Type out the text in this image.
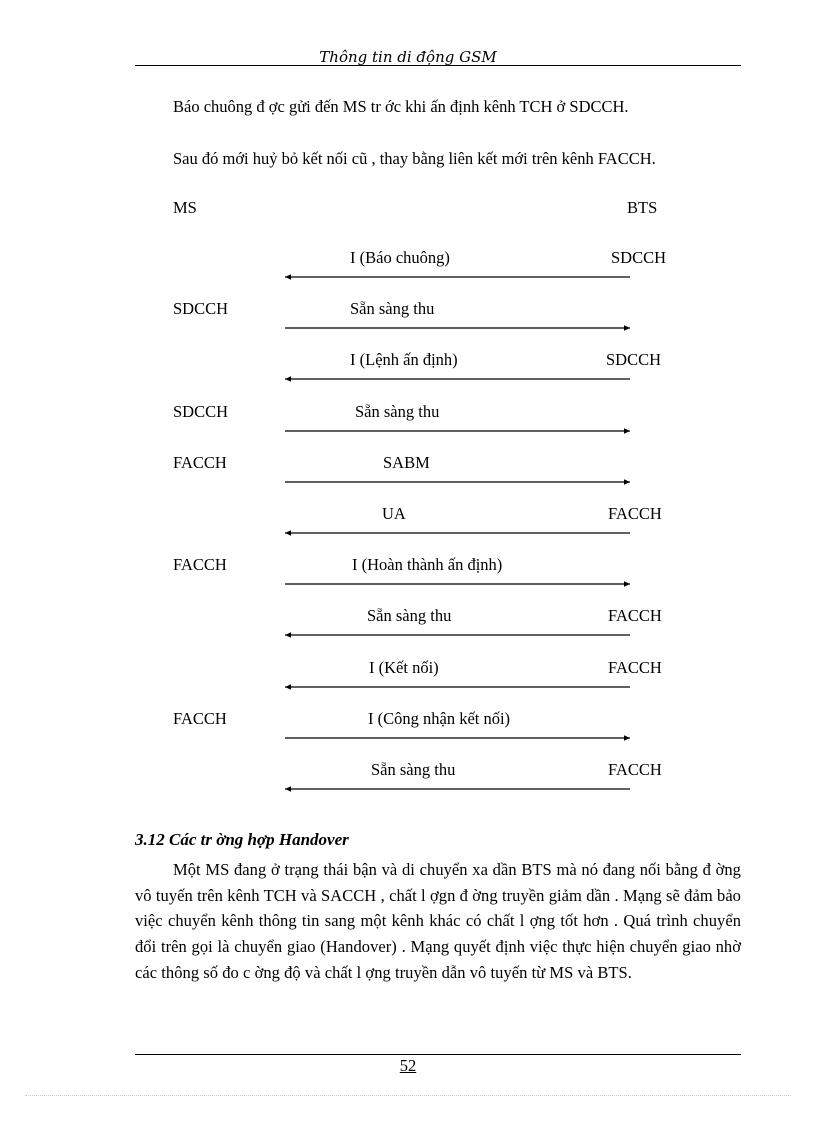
Thông tin di động GSM

Báo chuông đ ợc gửi đến MS tr ớc khi ấn định kênh TCH ở SDCCH.

Sau đó mới huỷ bỏ kết nối cũ , thay bằng liên kết mới trên kênh FACCH.

MS	BTS
I (Báo chuông)	SDCCH
Sẵn sàng thu
SDCCH
I (Lệnh ấn định)	SDCCH
Sẵn sàng thu
SDCCH
SABM
FACCH
UA	FACCH
I (Hoàn thành ấn định)
FACCH
Sẵn sàng thu	FACCH
I (Kết nối)	FACCH
I (Công nhận kết nối)
FACCH
Sẵn sàng thu	FACCH
3.12 Các tr ờng hợp Handover

Một MS đang ở trạng thái bận và di chuyển xa dần BTS mà nó đang nối bằng đ ờng vô tuyến trên kênh TCH và SACCH , chất l ợgn đ ờng truyền giảm dần . Mạng sẽ đảm bảo việc chuyển kênh thông tin sang một kênh khác có chất l ợng tốt hơn . Quá trình chuyển đổi trên gọi là chuyển giao (Handover) . Mạng quyết định việc thực hiện chuyển giao nhờ các thông số đo c ờng độ và chất l ợng truyền dẫn vô tuyến từ MS và BTS.

52
